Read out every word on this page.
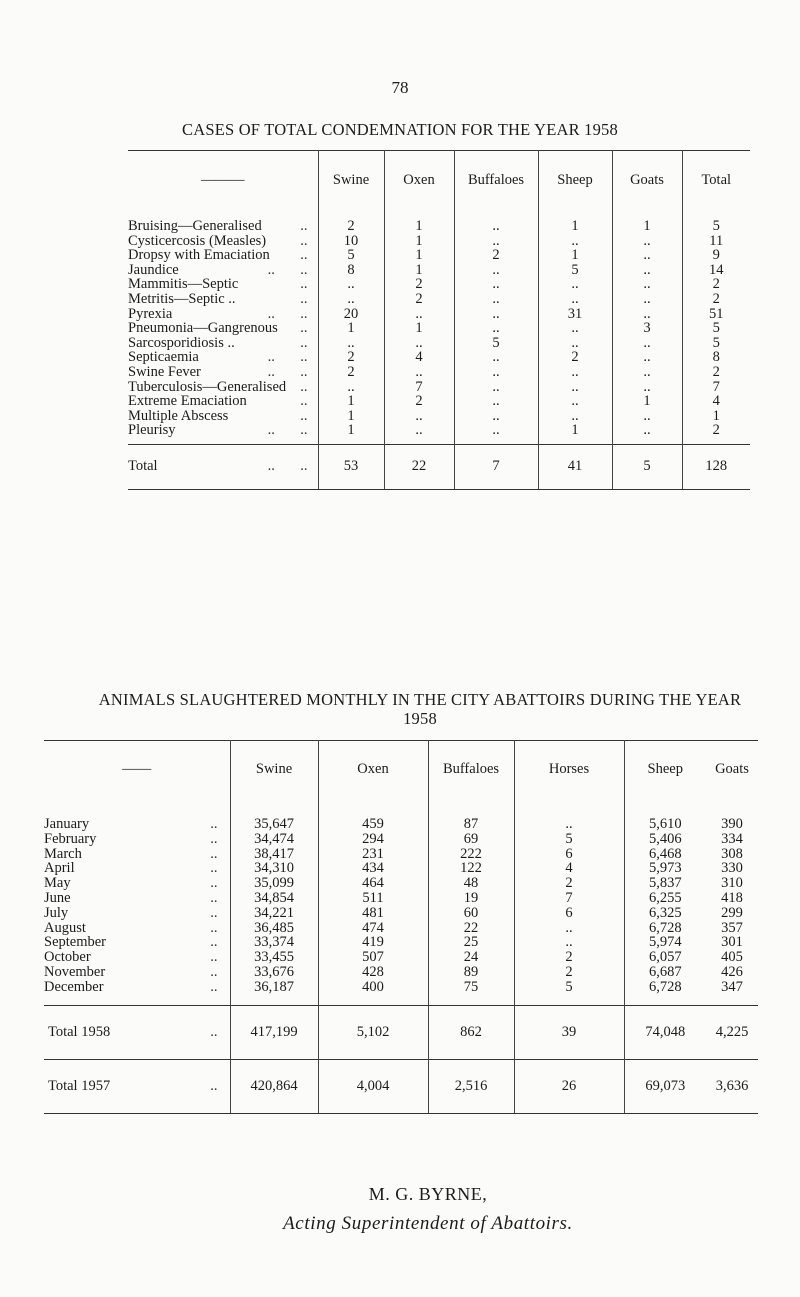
78
CASES OF TOTAL CONDEMNATION FOR THE YEAR 1958
———	Swine	Oxen	Buffaloes	Sheep	Goats	Total

Bruising—Generalised ..	2	1	..	1	1	5
Cysticercosis (Measles) ..	10	1	..	..	..	11
Dropsy with Emaciation ..	5	1	2	1	..	9
Jaundice ..       ..	8	1	..	5	..	14
Mammitis—Septic ..	..	2	..	..	..	2
Metritis—Septic .. ..	..	2	..	..	..	2
Pyrexia ..       ..	20	..	..	31	..	51
Pneumonia—Gangrenous ..	1	1	..	..	3	5
Sarcosporidiosis .. ..	..	..	5	..	..	5
Septicaemia ..       ..	2	4	..	2	..	8
Swine Fever ..       ..	2	..	..	..	..	2
Tuberculosis—Generalised ..	..	7	..	..	..	7
Extreme Emaciation ..	1	2	..	..	1	4
Multiple Abscess ..	1	..	..	..	..	1
Pleurisy ..       ..	1	..	..	1	..	2

Total ..       ..	53	22	7	41	5	128
ANIMALS SLAUGHTERED MONTHLY IN THE CITY ABATTOIRS DURING THE YEAR 1958
——	Swine	Oxen	Buffaloes	Horses	Sheep	Goats	

January ..	35,647	459	87	..	5,610	390	
February ..	34,474	294	69	5	5,406	334	
March ..	38,417	231	222	6	6,468	308	
April ..	34,310	434	122	4	5,973	330	
May ..	35,099	464	48	2	5,837	310	
June ..	34,854	511	19	7	6,255	418	
July ..	34,221	481	60	6	6,325	299	
August ..	36,485	474	22	..	6,728	357	
September ..	33,374	419	25	..	5,974	301	
October ..	33,455	507	24	2	6,057	405	
November ..	33,676	428	89	2	6,687	426	
December ..	36,187	400	75	5	6,728	347	

Total 1958 ..	417,199	5,102	862	39	74,048	4,225	
Total 1957 ..	420,864	4,004	2,516	26	69,073	3,636	
M. G. BYRNE,
Acting Superintendent of Abattoirs.
